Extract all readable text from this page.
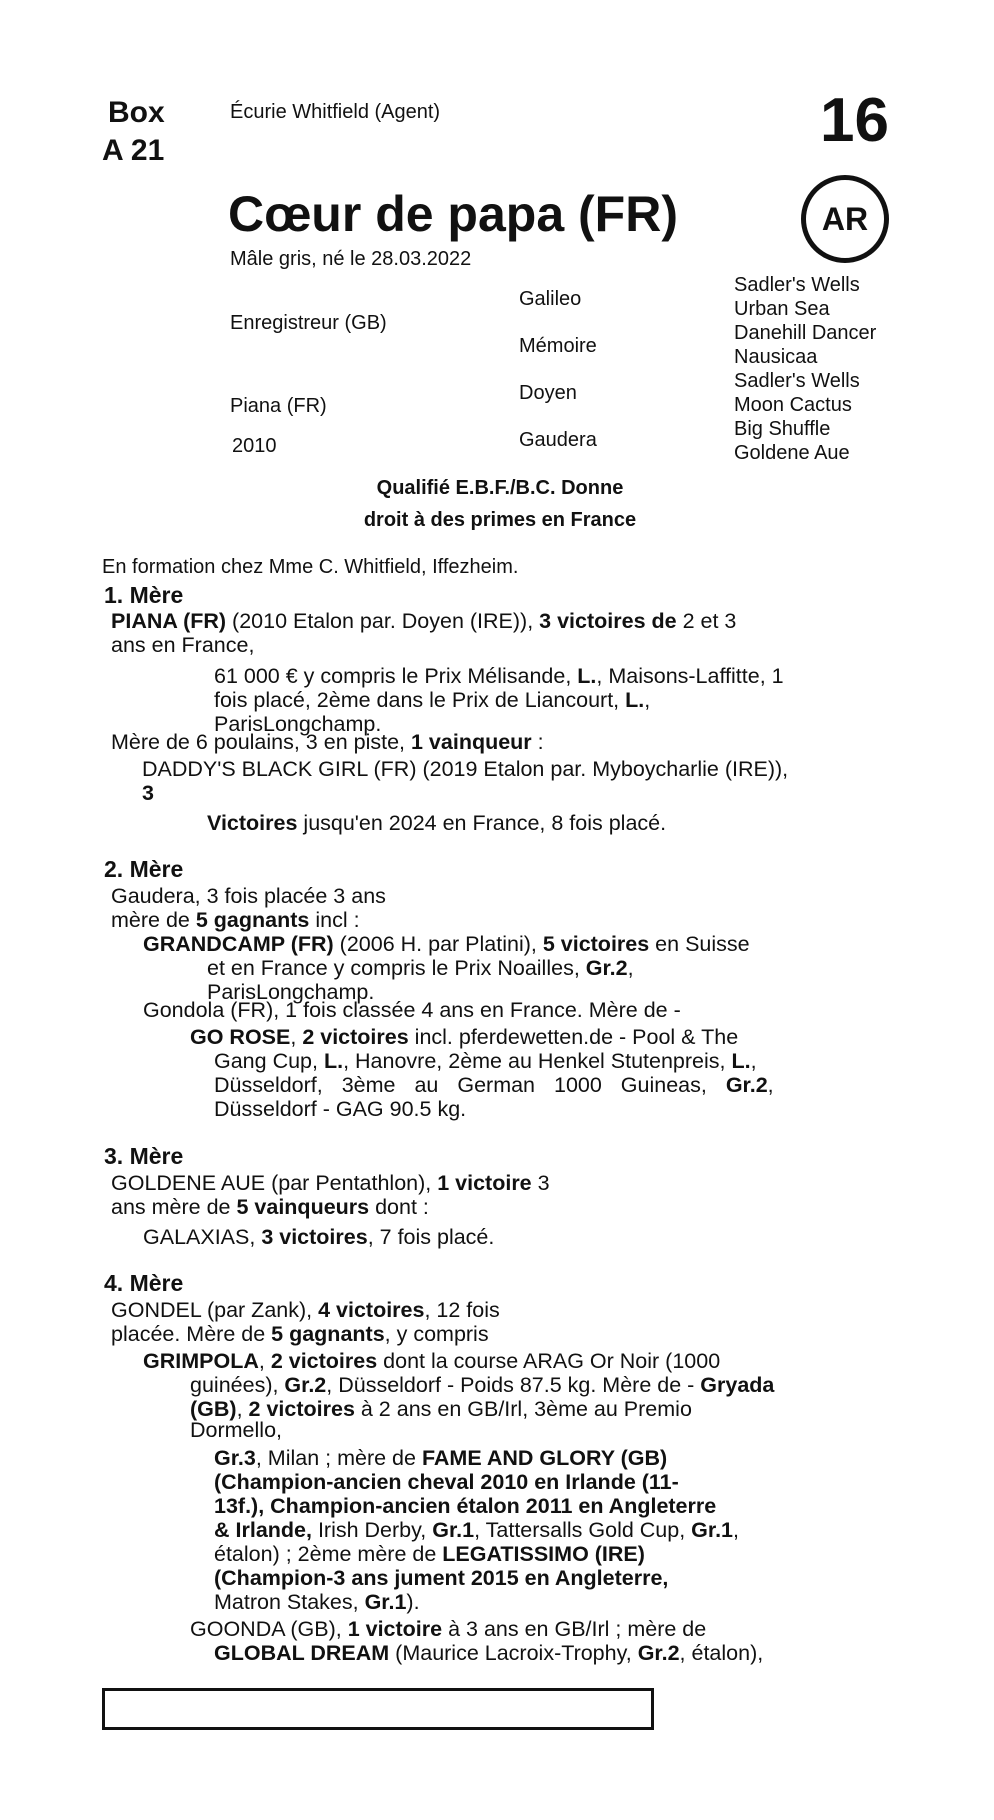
Box
A 21
Écurie Whitfield (Agent)	16
AR
Cœur de papa (FR)
Mâle gris, né le 28.03.2022
Enregistreur (GB)
Piana (FR)
2010
Galileo
Mémoire
Doyen
Gaudera
Sadler's Wells
Urban Sea
Danehill Dancer
Nausicaa
Sadler's Wells
Moon Cactus
Big Shuffle
Goldene Aue
Qualifié E.B.F./B.C. Donne
droit à des primes en France
En formation chez Mme C. Whitfield, Iffezheim.
1. Mère
PIANA (FR) (2010 Etalon par. Doyen (IRE)), 3 victoires de 2 et 3
ans en France,
61 000 € y compris le Prix Mélisande, L., Maisons-Laffitte, 1
fois placé, 2ème dans le Prix de Liancourt, L.,
ParisLongchamp.
Mère de 6 poulains, 3 en piste, 1 vainqueur :
DADDY'S BLACK GIRL (FR) (2019 Etalon par. Myboycharlie (IRE)),
3
Victoires jusqu'en 2024 en France, 8 fois placé.
2. Mère
Gaudera, 3 fois placée 3 ans
mère de 5 gagnants incl :
GRANDCAMP (FR) (2006 H. par Platini), 5 victoires en Suisse
et en France y compris le Prix Noailles, Gr.2,
ParisLongchamp.
Gondola (FR), 1 fois classée 4 ans en France. Mère de -
GO ROSE, 2 victoires incl. pferdewetten.de - Pool & The
Gang Cup, L., Hanovre, 2ème au Henkel Stutenpreis, L.,
Düsseldorf, 3ème au German 1000 Guineas, Gr.2,
Düsseldorf - GAG 90.5 kg.
3. Mère
GOLDENE AUE (par Pentathlon), 1 victoire 3
ans mère de 5 vainqueurs dont :
GALAXIAS, 3 victoires, 7 fois placé.
4. Mère
GONDEL (par Zank), 4 victoires, 12 fois
placée. Mère de 5 gagnants, y compris
GRIMPOLA, 2 victoires dont la course ARAG Or Noir (1000
guinées), Gr.2, Düsseldorf - Poids 87.5 kg. Mère de - Gryada
(GB), 2 victoires à 2 ans en GB/Irl, 3ème au Premio
Dormello,
Gr.3, Milan ; mère de FAME AND GLORY (GB)
(Champion-ancien cheval 2010 en Irlande (11-
13f.), Champion-ancien étalon 2011 en Angleterre
& Irlande, Irish Derby, Gr.1, Tattersalls Gold Cup, Gr.1,
étalon) ; 2ème mère de LEGATISSIMO (IRE)
(Champion-3 ans jument 2015 en Angleterre,
Matron Stakes, Gr.1).
GOONDA (GB), 1 victoire à 3 ans en GB/Irl ; mère de
GLOBAL DREAM (Maurice Lacroix-Trophy, Gr.2, étalon),
